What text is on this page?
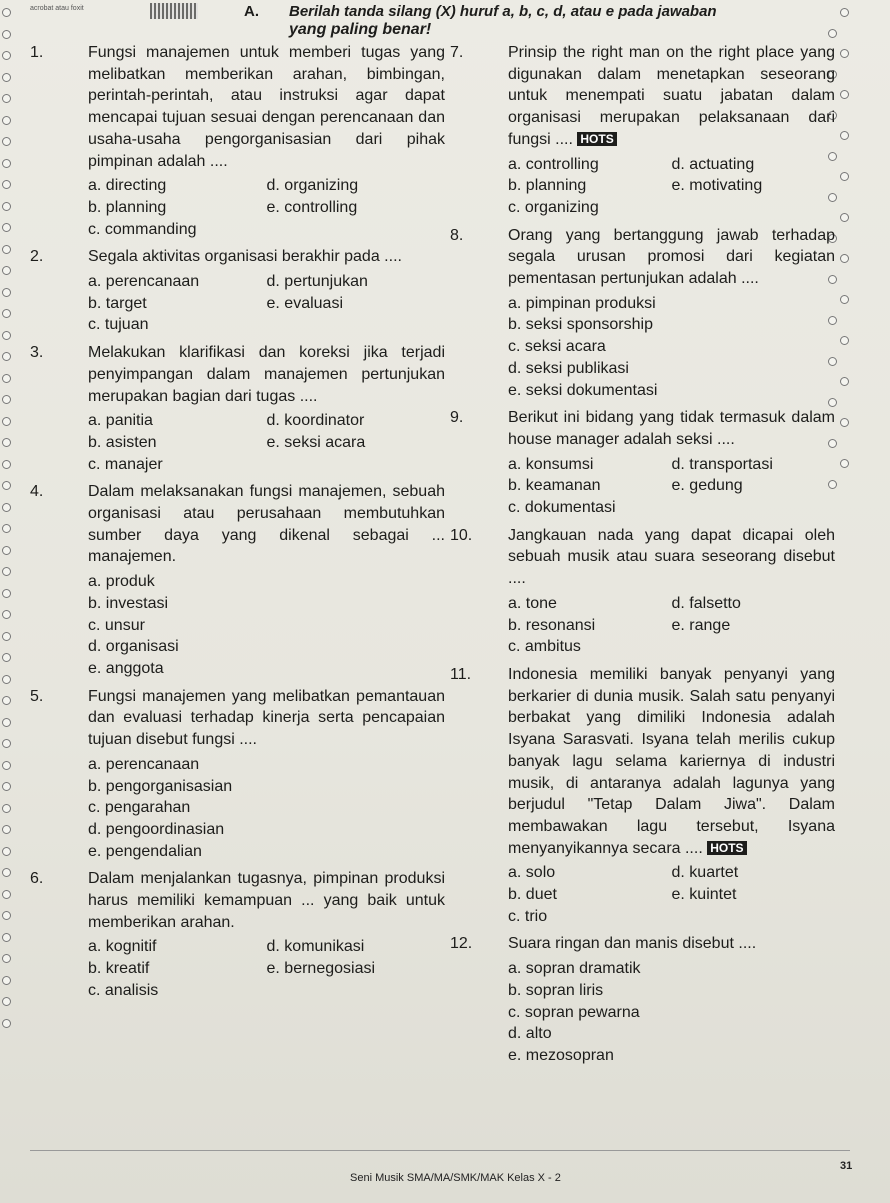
acrobat atau foxit	A. Berilah tanda silang (X) huruf a, b, c, d, atau e pada jawaban
yang paling benar!
1.	Fungsi manajemen untuk memberi tugas yang melibatkan memberikan arahan, bimbingan, perintah-perintah, atau instruksi agar dapat mencapai tujuan sesuai dengan perencanaan dan usaha-usaha pengorganisasian dari pihak pimpinan adalah ....
a. directing	d. organizing
b. planning	e. controlling
c. commanding
2.	Segala aktivitas organisasi berakhir pada ....
a. perencanaan	d. pertunjukan
b. target	e. evaluasi
c. tujuan
3.	Melakukan klarifikasi dan koreksi jika terjadi penyimpangan dalam manajemen pertunjukan merupakan bagian dari tugas ....
a. panitia	d. koordinator
b. asisten	e. seksi acara
c. manajer
4.	Dalam melaksanakan fungsi manajemen, sebuah organisasi atau perusahaan membutuhkan sumber daya yang dikenal sebagai ... manajemen.
a. produk
b. investasi
c. unsur
d. organisasi
e. anggota
5.	Fungsi manajemen yang melibatkan pemantauan dan evaluasi terhadap kinerja serta pencapaian tujuan disebut fungsi ....
a. perencanaan
b. pengorganisasian
c. pengarahan
d. pengoordinasian
e. pengendalian
6.	Dalam menjalankan tugasnya, pimpinan produksi harus memiliki kemampuan ... yang baik untuk memberikan arahan.
a. kognitif	d. komunikasi
b. kreatif	e. bernegosiasi
c. analisis
7.	Prinsip the right man on the right place yang digunakan dalam menetapkan seseorang untuk menempati suatu jabatan dalam organisasi merupakan pelaksanaan dari fungsi .... HOTS
a. controlling	d. actuating
b. planning	e. motivating
c. organizing
8.	Orang yang bertanggung jawab terhadap segala urusan promosi dari kegiatan pementasan pertunjukan adalah ....
a. pimpinan produksi
b. seksi sponsorship
c. seksi acara
d. seksi publikasi
e. seksi dokumentasi
9.	Berikut ini bidang yang tidak termasuk dalam house manager adalah seksi ....
a. konsumsi	d. transportasi
b. keamanan	e. gedung
c. dokumentasi
10.	Jangkauan nada yang dapat dicapai oleh sebuah musik atau suara seseorang disebut ....
a. tone	d. falsetto
b. resonansi	e. range
c. ambitus
11.	Indonesia memiliki banyak penyanyi yang berkarier di dunia musik. Salah satu penyanyi berbakat yang dimiliki Indonesia adalah Isyana Sarasvati. Isyana telah merilis cukup banyak lagu selama kariernya di industri musik, di antaranya adalah lagunya yang berjudul "Tetap Dalam Jiwa". Dalam membawakan lagu tersebut, Isyana menyanyikannya secara .... HOTS
a. solo	d. kuartet
b. duet	e. kuintet
c. trio
12.	Suara ringan dan manis disebut ....
a. sopran dramatik
b. sopran liris
c. sopran pewarna
d. alto
e. mezosopran
Seni Musik SMA/MA/SMK/MAK Kelas X - 2
31
